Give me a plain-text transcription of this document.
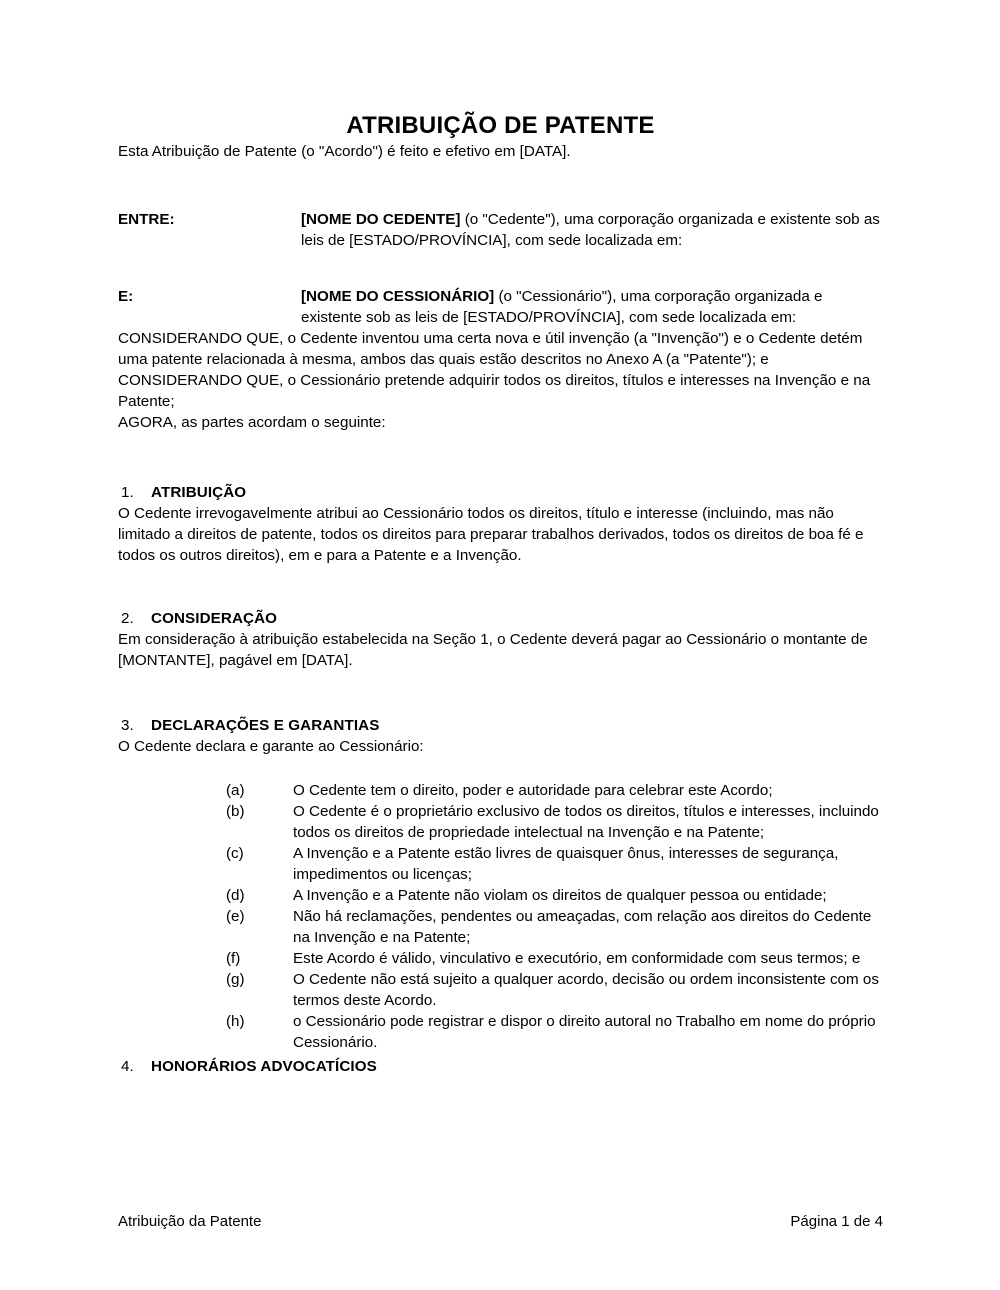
ATRIBUIÇÃO DE PATENTE

Esta Atribuição de Patente (o "Acordo") é feito e efetivo em [DATA].

ENTRE:	[NOME DO CEDENTE] (o "Cedente"), uma corporação organizada e existente sob as leis de [ESTADO/PROVÍNCIA], com sede localizada em:
E:	[NOME DO CESSIONÁRIO] (o "Cessionário"), uma corporação organizada e existente sob as leis de [ESTADO/PROVÍNCIA], com sede localizada em:

CONSIDERANDO QUE, o Cedente inventou uma certa nova e útil invenção (a "Invenção") e o Cedente detém uma patente relacionada à mesma, ambos das quais estão descritos no Anexo A (a "Patente"); e

CONSIDERANDO QUE, o Cessionário pretende adquirir todos os direitos, títulos e interesses na Invenção e na Patente;

AGORA, as partes acordam o seguinte:

1.	ATRIBUIÇÃO

O Cedente irrevogavelmente atribui ao Cessionário todos os direitos, título e interesse (incluindo, mas não limitado a direitos de patente, todos os direitos para preparar trabalhos derivados, todos os direitos de boa fé e todos os outros direitos), em e para a Patente e a Invenção.

2.	CONSIDERAÇÃO

Em consideração à atribuição estabelecida na Seção 1, o Cedente deverá pagar ao Cessionário o montante de [MONTANTE], pagável em [DATA].

3.	DECLARAÇÕES E GARANTIAS

O Cedente declara e garante ao Cessionário:

(a)	O Cedente tem o direito, poder e autoridade para celebrar este Acordo;
(b)	O Cedente é o proprietário exclusivo de todos os direitos, títulos e interesses, incluindo todos os direitos de propriedade intelectual na Invenção e na Patente;
(c)	A Invenção e a Patente estão livres de quaisquer ônus, interesses de segurança, impedimentos ou licenças;
(d)	A Invenção e a Patente não violam os direitos de qualquer pessoa ou entidade;
(e)	Não há reclamações, pendentes ou ameaçadas, com relação aos direitos do Cedente na Invenção e na Patente;
(f)	Este Acordo é válido, vinculativo e executório, em conformidade com seus termos; e
(g)	O Cedente não está sujeito a qualquer acordo, decisão ou ordem inconsistente com os termos deste Acordo.
(h)	o Cessionário pode registrar e dispor o direito autoral no Trabalho em nome do próprio Cessionário.
4.	HONORÁRIOS ADVOCATÍCIOS
Atribuição da Patente	Página 1 de 4
